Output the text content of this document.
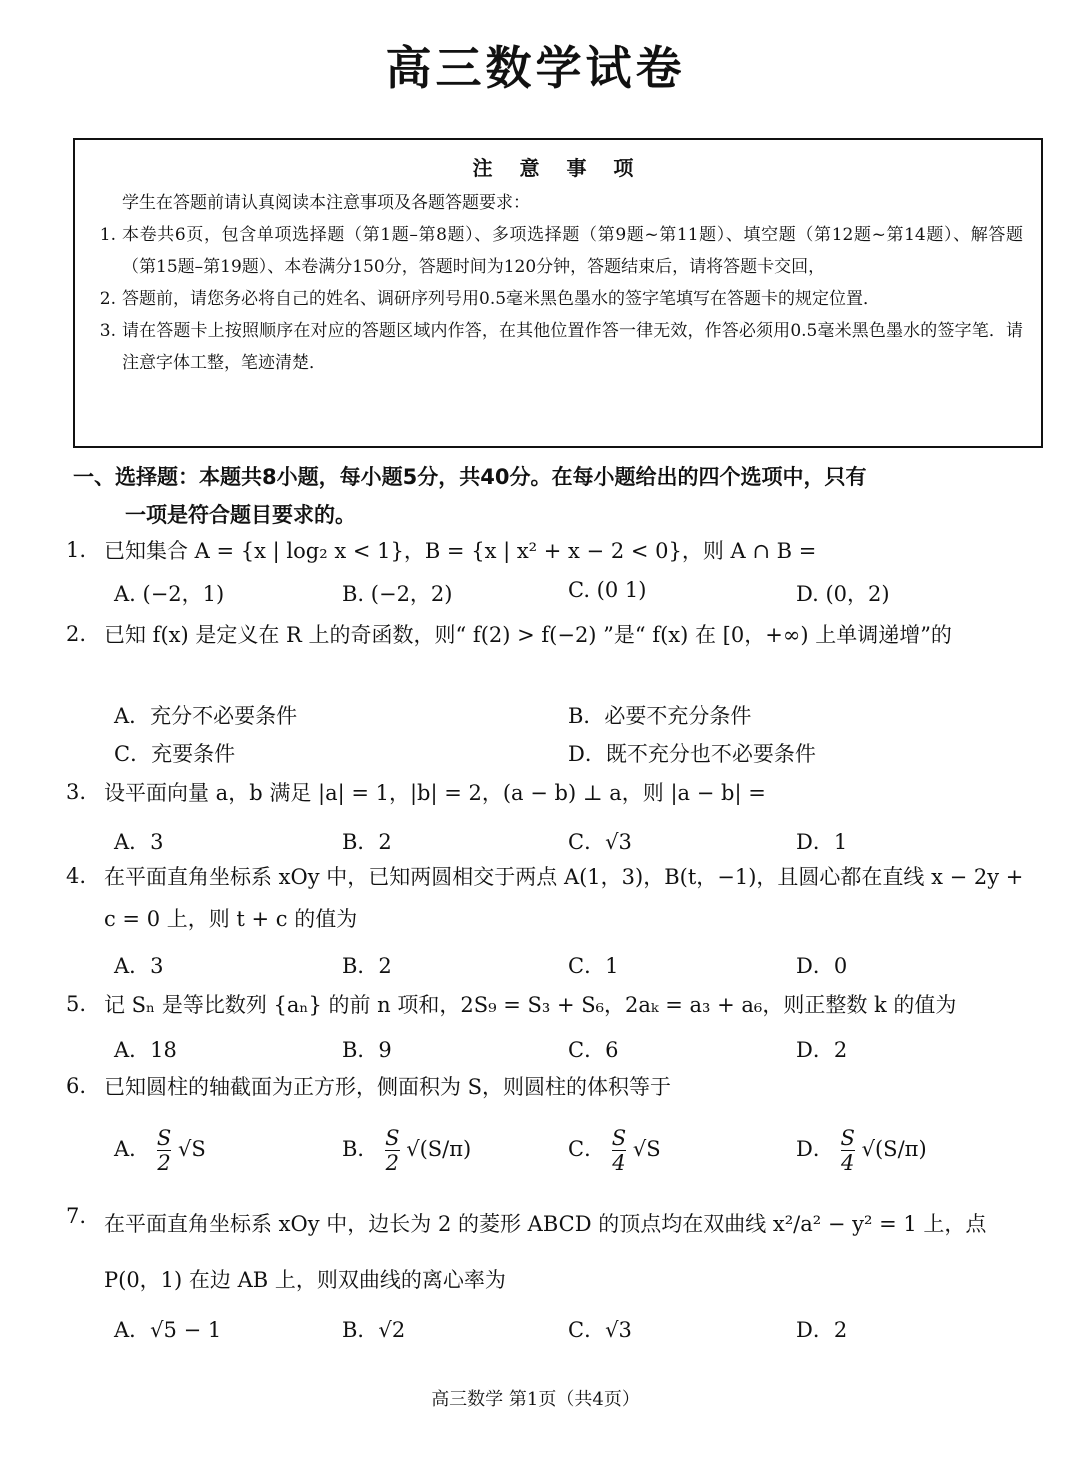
高三数学试卷
注 意 事 项
学生在答题前请认真阅读本注意事项及各题答题要求：
1. 本卷共6页，包含单项选择题（第1题–第8题）、多项选择题（第9题~第11题）、填空题（第12题~第14题）、解答题（第15题–第19题）、本卷满分150分，答题时间为120分钟，答题结束后，请将答题卡交回，
2. 答题前，请您务必将自己的姓名、调研序列号用0.5毫米黑色墨水的签字笔填写在答题卡的规定位置．
3. 请在答题卡上按照顺序在对应的答题区域内作答，在其他位置作答一律无效，作答必须用0.5毫米黑色墨水的签字笔．请注意字体工整，笔迹清楚．
一、选择题：本题共8小题，每小题5分，共40分。在每小题给出的四个选项中，只有
一项是符合题目要求的。
1. 已知集合 A = {x | log₂ x < 1}，B = {x | x² + x − 2 < 0}，则 A ∩ B =
A. (−2，1)	B. (−2，2)	C. (0 1)	D. (0，2)
2. 已知 f(x) 是定义在 R 上的奇函数，则“ f(2) > f(−2) ”是“ f(x) 在 [0，+∞) 上单调递增”的
A．充分不必要条件	B．必要不充分条件
C．充要条件	D．既不充分也不必要条件
3. 设平面向量 a，b 满足 |a| = 1，|b| = 2，(a − b) ⊥ a，则 |a − b| =
A．3	B．2	C．√3	D．1
4. 在平面直角坐标系 xOy 中，已知两圆相交于两点 A(1，3)，B(t，−1)，且圆心都在直线 x − 2y + c = 0 上，则 t + c 的值为
A．3	B．2	C．1	D．0
5. 记 Sₙ 是等比数列 {aₙ} 的前 n 项和，2S₉ = S₃ + S₆，2aₖ = a₃ + a₆，则正整数 k 的值为
A．18	B．9	C．6	D．2
6. 已知圆柱的轴截面为正方形，侧面积为 S，则圆柱的体积等于
A． $\frac{S}{2} √S$	B． $\frac{S}{2} √(S/\pi)$	C． $\frac{S}{4} √S$	D． $\frac{S}{4} √(S/\pi)$
7. 在平面直角坐标系 xOy 中，边长为 2 的菱形 ABCD 的顶点均在双曲线 x²/a² − y² = 1 上，点 P(0，1) 在边 AB 上，则双曲线的离心率为
A．√5 − 1	B．√2	C．√3	D．2
高三数学 第1页（共4页）
